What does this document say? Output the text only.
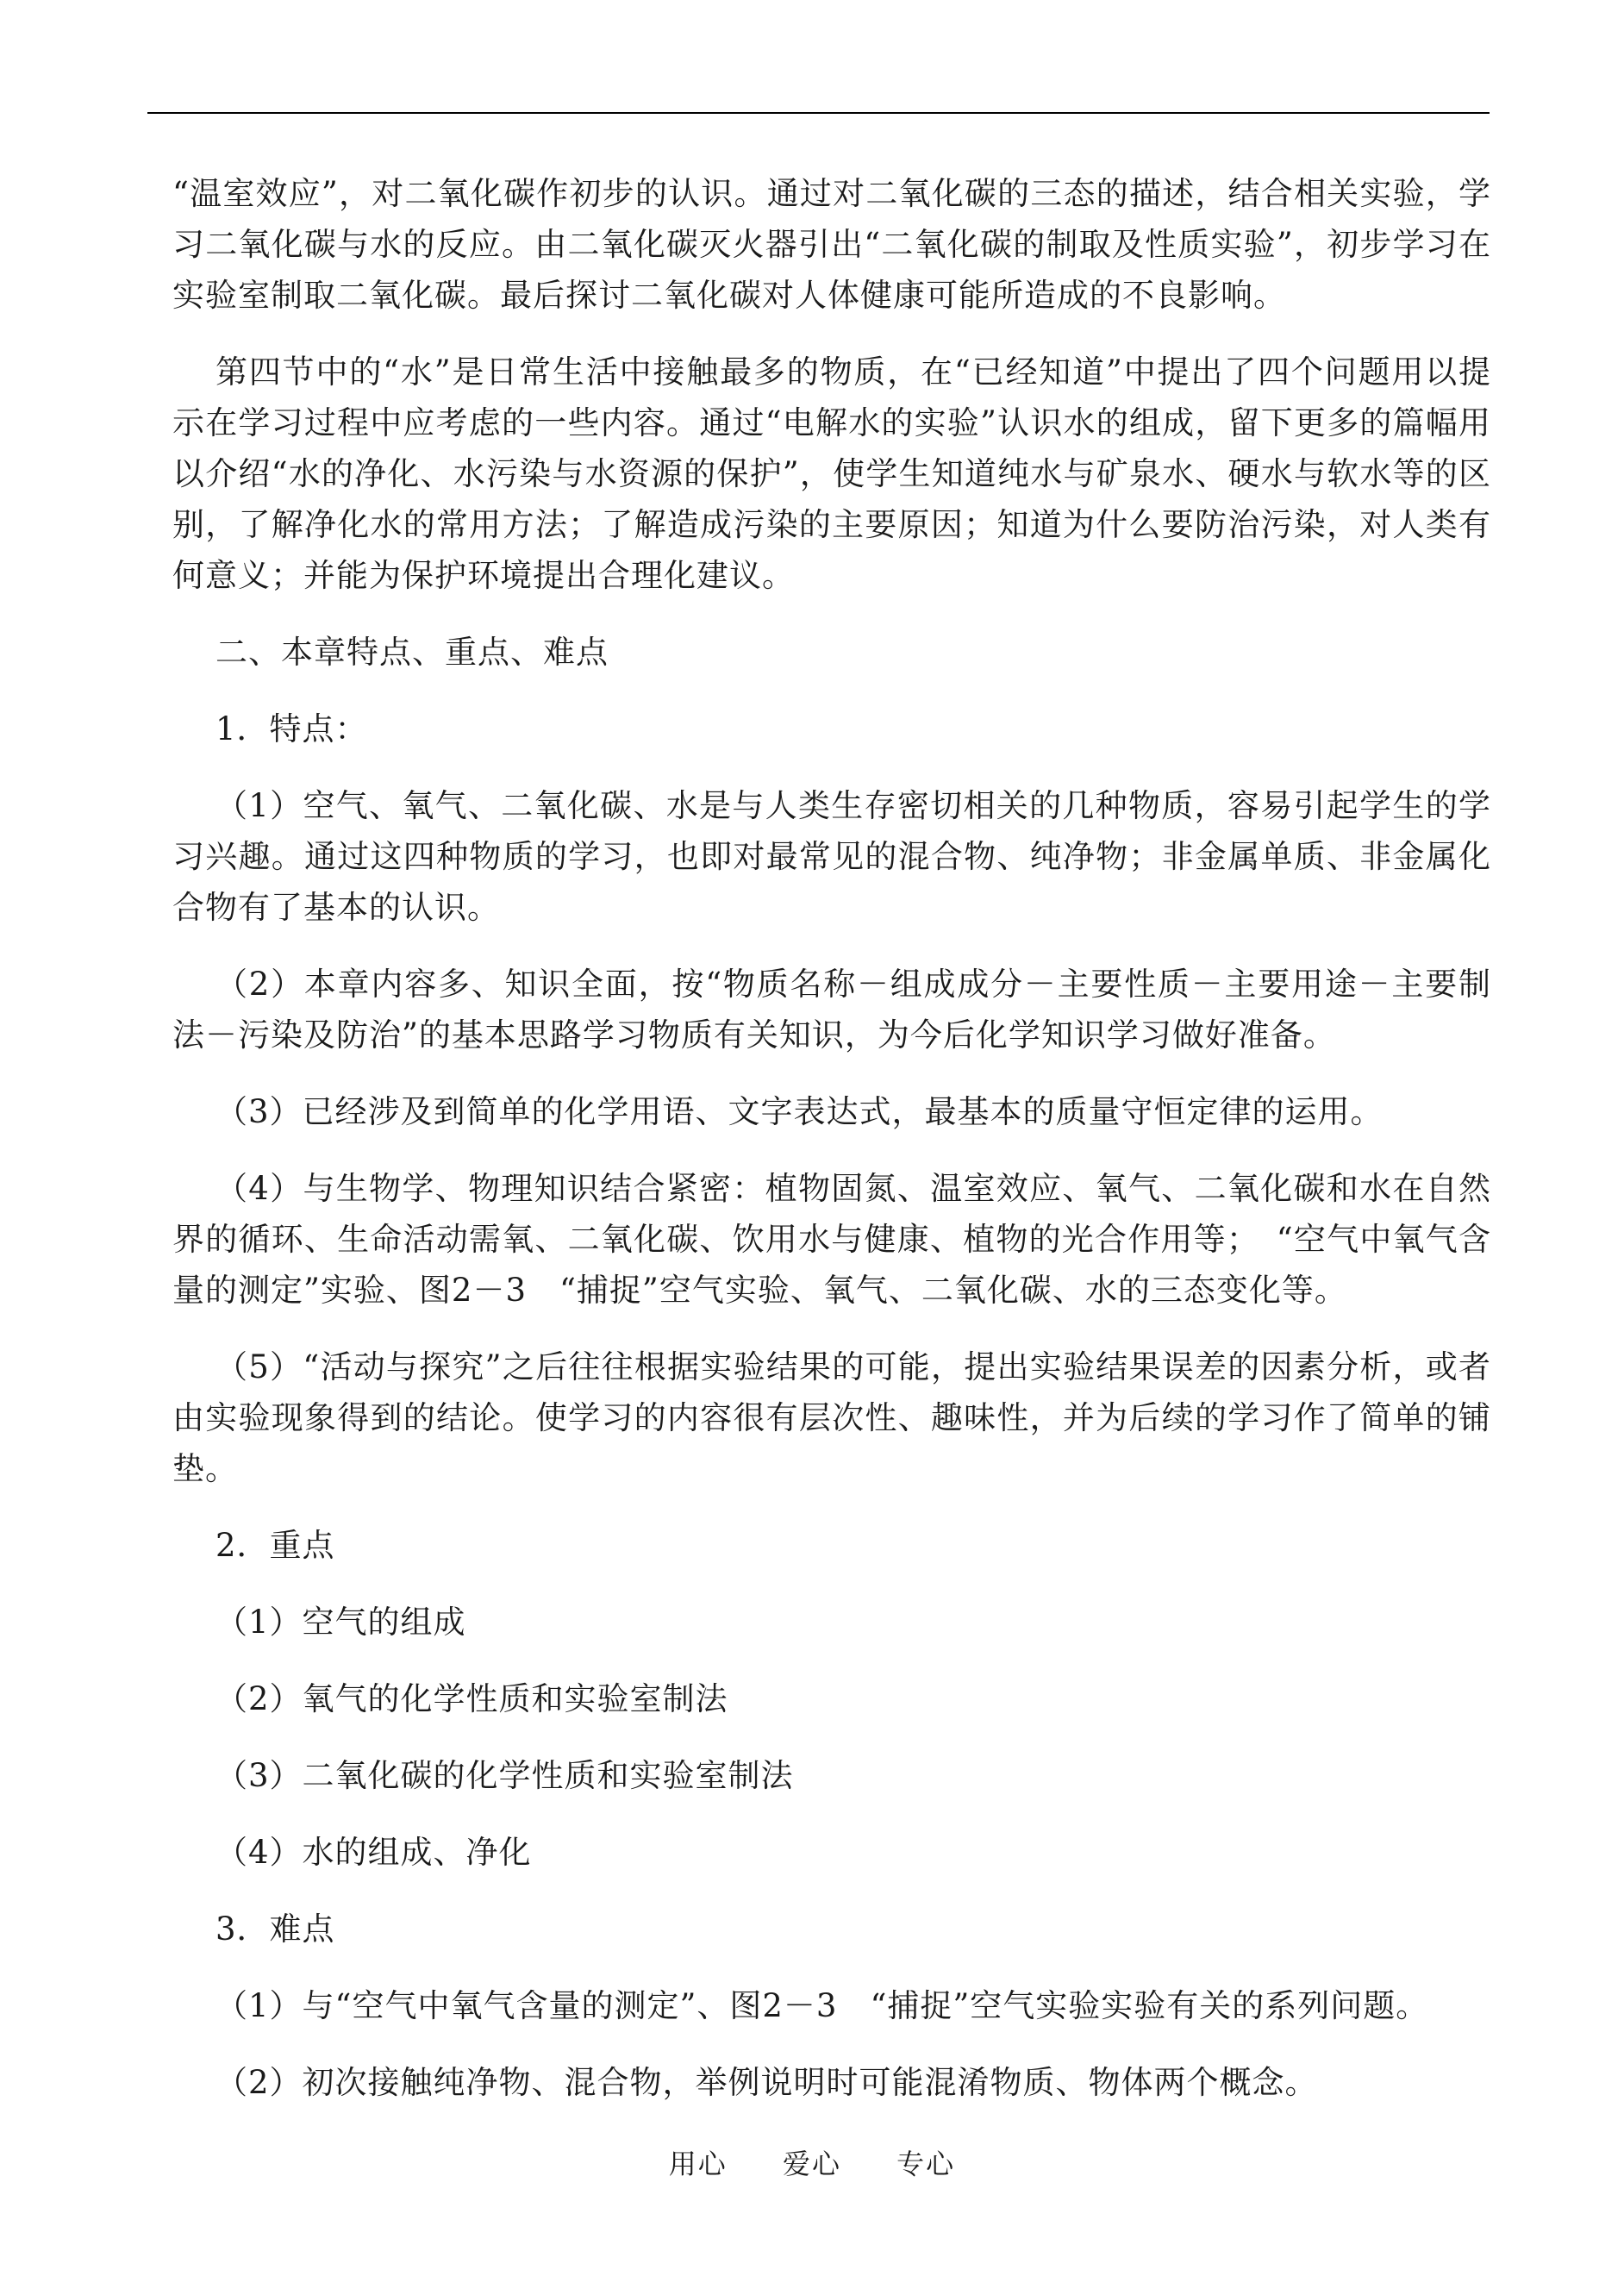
“温室效应”，对二氧化碳作初步的认识。通过对二氧化碳的三态的描述，结合相关实验，学习二氧化碳与水的反应。由二氧化碳灭火器引出“二氧化碳的制取及性质实验”，初步学习在实验室制取二氧化碳。最后探讨二氧化碳对人体健康可能所造成的不良影响。

第四节中的“水”是日常生活中接触最多的物质，在“已经知道”中提出了四个问题用以提示在学习过程中应考虑的一些内容。通过“电解水的实验”认识水的组成，留下更多的篇幅用以介绍“水的净化、水污染与水资源的保护”，使学生知道纯水与矿泉水、硬水与软水等的区别，了解净化水的常用方法；了解造成污染的主要原因；知道为什么要防治污染，对人类有何意义；并能为保护环境提出合理化建议。

二、本章特点、重点、难点

1．特点：

（1）空气、氧气、二氧化碳、水是与人类生存密切相关的几种物质，容易引起学生的学习兴趣。通过这四种物质的学习，也即对最常见的混合物、纯净物；非金属单质、非金属化合物有了基本的认识。

（2）本章内容多、知识全面，按“物质名称－组成成分－主要性质－主要用途－主要制法－污染及防治”的基本思路学习物质有关知识，为今后化学知识学习做好准备。

（3）已经涉及到简单的化学用语、文字表达式，最基本的质量守恒定律的运用。

（4）与生物学、物理知识结合紧密：植物固氮、温室效应、氧气、二氧化碳和水在自然界的循环、生命活动需氧、二氧化碳、饮用水与健康、植物的光合作用等；　“空气中氧气含量的测定”实验、图2－3　“捕捉”空气实验、氧气、二氧化碳、水的三态变化等。

（5）“活动与探究”之后往往根据实验结果的可能，提出实验结果误差的因素分析，或者由实验现象得到的结论。使学习的内容很有层次性、趣味性，并为后续的学习作了简单的铺垫。

2．重点

（1）空气的组成

（2）氧气的化学性质和实验室制法

（3）二氧化碳的化学性质和实验室制法

（4）水的组成、净化

3．难点

（1）与“空气中氧气含量的测定”、图2－3　“捕捉”空气实验实验有关的系列问题。

（2）初次接触纯净物、混合物，举例说明时可能混淆物质、物体两个概念。

用心 爱心 专心
